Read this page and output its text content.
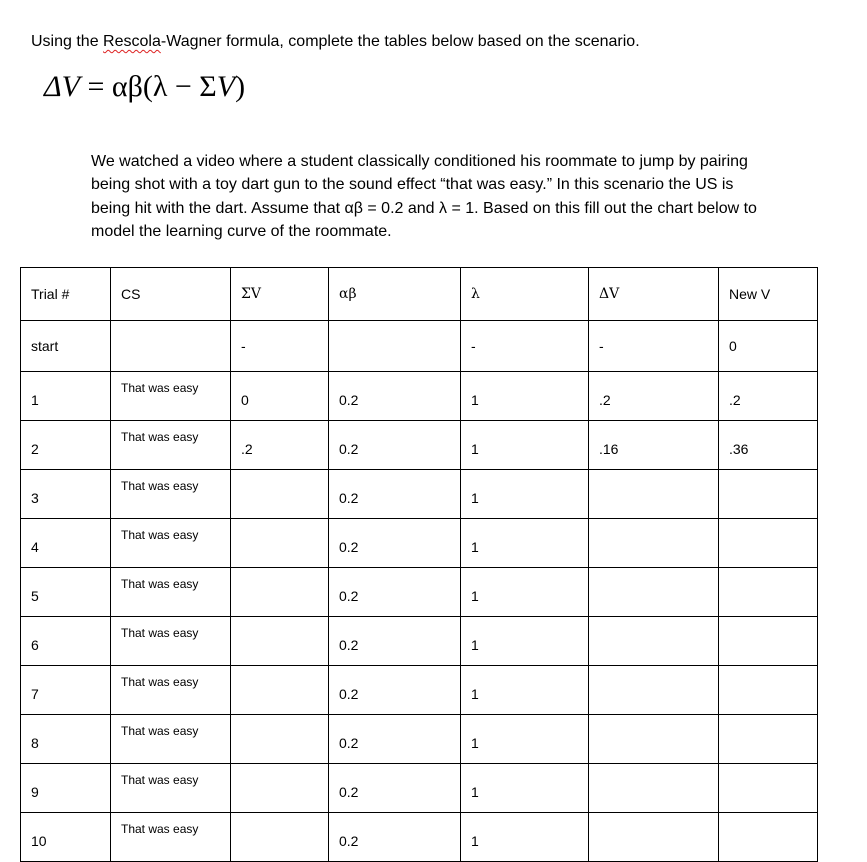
Using the Rescola-Wagner formula, complete the tables below based on the scenario.
ΔV = αβ(λ − ΣV)
We watched a video where a student classically conditioned his roommate to jump by pairing
being shot with a toy dart gun to the sound effect “that was easy.” In this scenario the US is
being hit with the dart. Assume that αβ = 0.2 and λ = 1. Based on this fill out the chart below to
model the learning curve of the roommate.
Trial #	CS	ΣV	αβ	λ	ΔV	New V
start		-		-	-	0
1	That was easy	0	0.2	1	.2	.2
2	That was easy	.2	0.2	1	.16	.36
3	That was easy		0.2	1		
4	That was easy		0.2	1		
5	That was easy		0.2	1		
6	That was easy		0.2	1		
7	That was easy		0.2	1		
8	That was easy		0.2	1		
9	That was easy		0.2	1		
10	That was easy		0.2	1		
